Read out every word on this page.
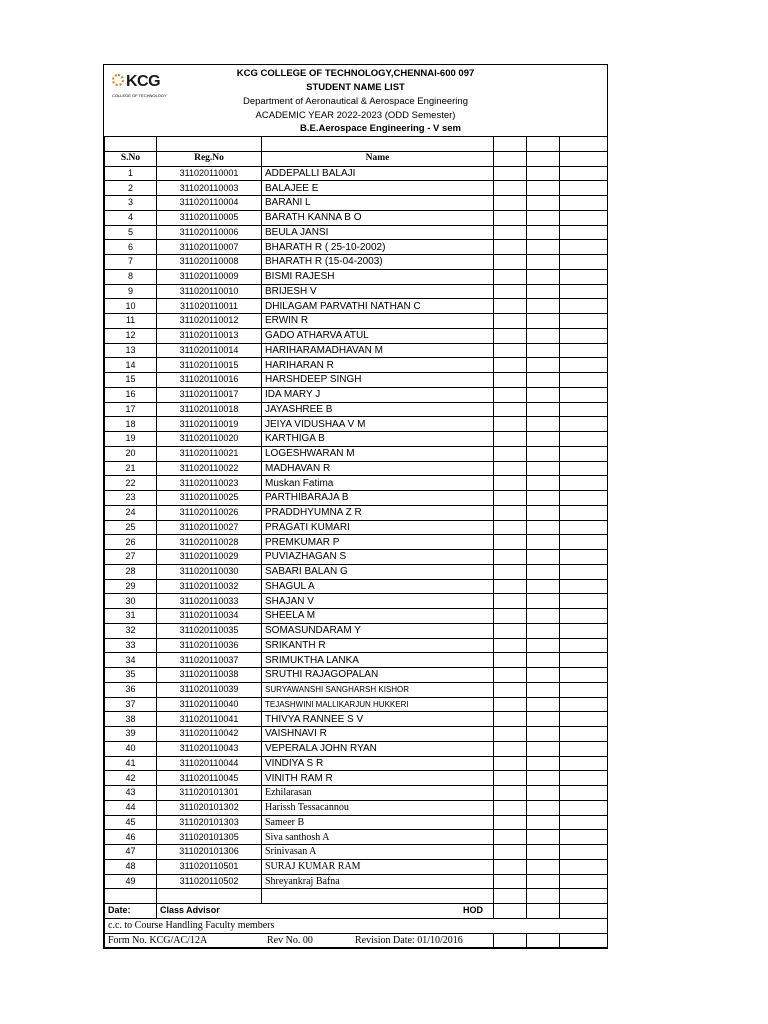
KCG
COLLEGE OF TECHNOLOGY
KCG COLLEGE OF TECHNOLOGY,CHENNAI-600 097
STUDENT NAME LIST
Department of Aeronautical & Aerospace Engineering
ACADEMIC YEAR 2022-2023 (ODD Semester)
B.E.Aerospace Engineering - V sem

S.No	Reg.No	Name			
1	311020110001	ADDEPALLI BALAJI			
2	311020110003	BALAJEE E			
3	311020110004	BARANI L			
4	311020110005	BARATH KANNA B O			
5	311020110006	BEULA JANSI			
6	311020110007	BHARATH R ( 25-10-2002)			
7	311020110008	BHARATH R (15-04-2003)			
8	311020110009	BISMI RAJESH			
9	311020110010	BRIJESH V			
10	311020110011	DHILAGAM PARVATHI NATHAN C			
11	311020110012	ERWIN R			
12	311020110013	GADO ATHARVA ATUL			
13	311020110014	HARIHARAMADHAVAN M			
14	311020110015	HARIHARAN R			
15	311020110016	HARSHDEEP SINGH			
16	311020110017	IDA MARY J			
17	311020110018	JAYASHREE B			
18	311020110019	JEIYA VIDUSHAA V M			
19	311020110020	KARTHIGA B			
20	311020110021	LOGESHWARAN M			
21	311020110022	MADHAVAN R			
22	311020110023	Muskan Fatima			
23	311020110025	PARTHIBARAJA B			
24	311020110026	PRADDHYUMNA Z R			
25	311020110027	PRAGATI KUMARI			
26	311020110028	PREMKUMAR P			
27	311020110029	PUVIAZHAGAN S			
28	311020110030	SABARI BALAN G			
29	311020110032	SHAGUL A			
30	311020110033	SHAJAN V			
31	311020110034	SHEELA M			
32	311020110035	SOMASUNDARAM Y			
33	311020110036	SRIKANTH R			
34	311020110037	SRIMUKTHA LANKA			
35	311020110038	SRUTHI RAJAGOPALAN			
36	311020110039	SURYAWANSHI SANGHARSH KISHOR			
37	311020110040	TEJASHWINI MALLIKARJUN HUKKERI			
38	311020110041	THIVYA RANNEE S V			
39	311020110042	VAISHNAVI R			
40	311020110043	VEPERALA JOHN RYAN			
41	311020110044	VINDIYA S R			
42	311020110045	VINITH RAM R			
43	311020101301	Ezhilarasan			
44	311020101302	Harissh Tessacannou			
45	311020101303	Sameer B			
46	311020101305	Siva santhosh A			
47	311020101306	Srinivasan A			
48	311020110501	SURAJ KUMAR RAM			
49	311020110502	Shreyankraj Bafna			

Date:	Class Advisor HOD				

c.c. to Course Handling Faculty members					
Form No. KCG/AC/12A Rev No. 00 Revision Date: 01/10/2016					
